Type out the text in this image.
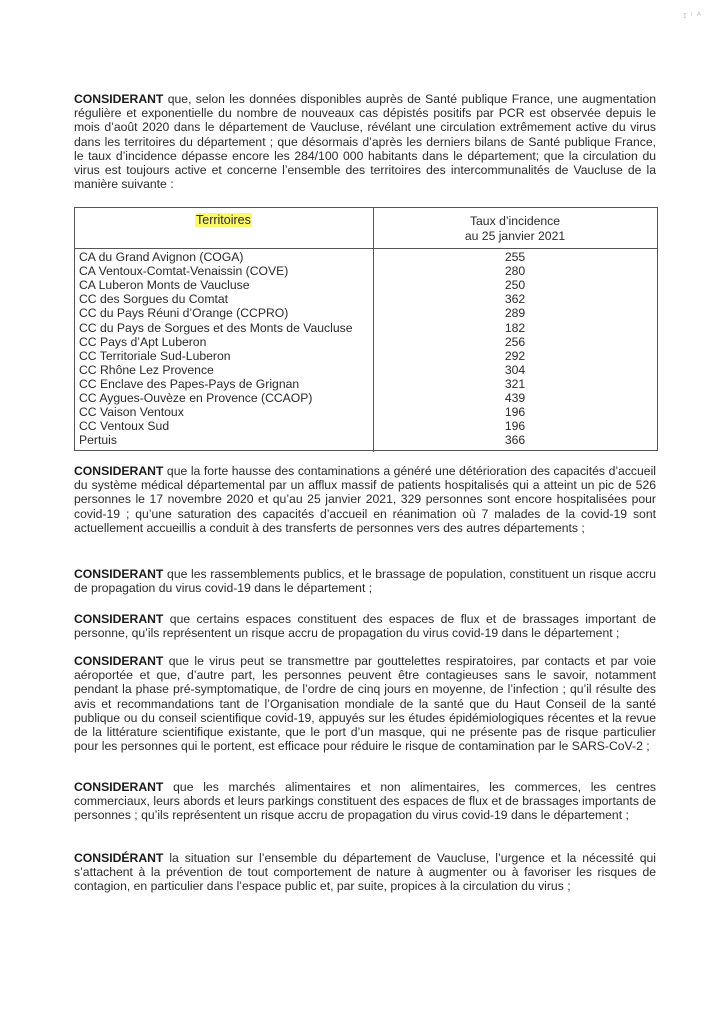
ɪ ˡ ᴬ

CONSIDERANT que, selon les données disponibles auprès de Santé publique France, une augmentation régulière et exponentielle du nombre de nouveaux cas dépistés positifs par PCR est observée depuis le mois d’août 2020 dans le département de Vaucluse, révélant une circulation extrêmement active du virus dans les territoires du département ; que désormais d’après les derniers bilans de Santé publique France, le taux d’incidence dépasse encore les 284/100 000 habitants dans le département; que la circulation du virus est toujours active et concerne l’ensemble des territoires des intercommunalités de Vaucluse de la manière suivante :

Territoires	Taux d’incidence
au 25 janvier 2021
CA du Grand Avignon (COGA)	255
CA Ventoux-Comtat-Venaissin (COVE)	280
CA Luberon Monts de Vaucluse	250
CC des Sorgues du Comtat	362
CC du Pays Réuni d’Orange (CCPRO)	289
CC du Pays de Sorgues et des Monts de Vaucluse	182
CC Pays d’Apt Luberon	256
CC Territoriale Sud-Luberon	292
CC Rhône Lez Provence	304
CC Enclave des Papes-Pays de Grignan	321
CC Aygues-Ouvèze en Provence (CCAOP)	439
CC Vaison Ventoux	196
CC Ventoux Sud	196
Pertuis	366

CONSIDERANT que la forte hausse des contaminations a généré une détérioration des capacités d’accueil du système médical départemental par un afflux massif de patients hospitalisés qui a atteint un pic de 526 personnes le 17 novembre 2020 et qu’au 25 janvier 2021, 329 personnes sont encore hospitalisées pour covid-19 ; qu’une saturation des capacités d’accueil en réanimation où 7 malades de la covid-19 sont actuellement accueillis a conduit à des transferts de personnes vers des autres départements ;

CONSIDERANT que les rassemblements publics, et le brassage de population, constituent un risque accru de propagation du virus covid-19 dans le département ;

CONSIDERANT que certains espaces constituent des espaces de flux et de brassages important de personne, qu’ils représentent un risque accru de propagation du virus covid-19 dans le département ;

CONSIDERANT que le virus peut se transmettre par gouttelettes respiratoires, par contacts et par voie aéroportée et que, d’autre part, les personnes peuvent être contagieuses sans le savoir, notamment pendant la phase pré-symptomatique, de l’ordre de cinq jours en moyenne, de l’infection ; qu’il résulte des avis et recommandations tant de l’Organisation mondiale de la santé que du Haut Conseil de la santé publique ou du conseil scientifique covid-19, appuyés sur les études épidémiologiques récentes et la revue de la littérature scientifique existante, que le port d’un masque, qui ne présente pas de risque particulier pour les personnes qui le portent, est efficace pour réduire le risque de contamination par le SARS-CoV-2 ;

CONSIDERANT que les marchés alimentaires et non alimentaires, les commerces, les centres commerciaux, leurs abords et leurs parkings constituent des espaces de flux et de brassages importants de personnes ; qu’ils représentent un risque accru de propagation du virus covid-19 dans le département ;

CONSIDÉRANT la situation sur l’ensemble du département de Vaucluse, l’urgence et la nécessité qui s’attachent à la prévention de tout comportement de nature à augmenter ou à favoriser les risques de contagion, en particulier dans l’espace public et, par suite, propices à la circulation du virus ;
